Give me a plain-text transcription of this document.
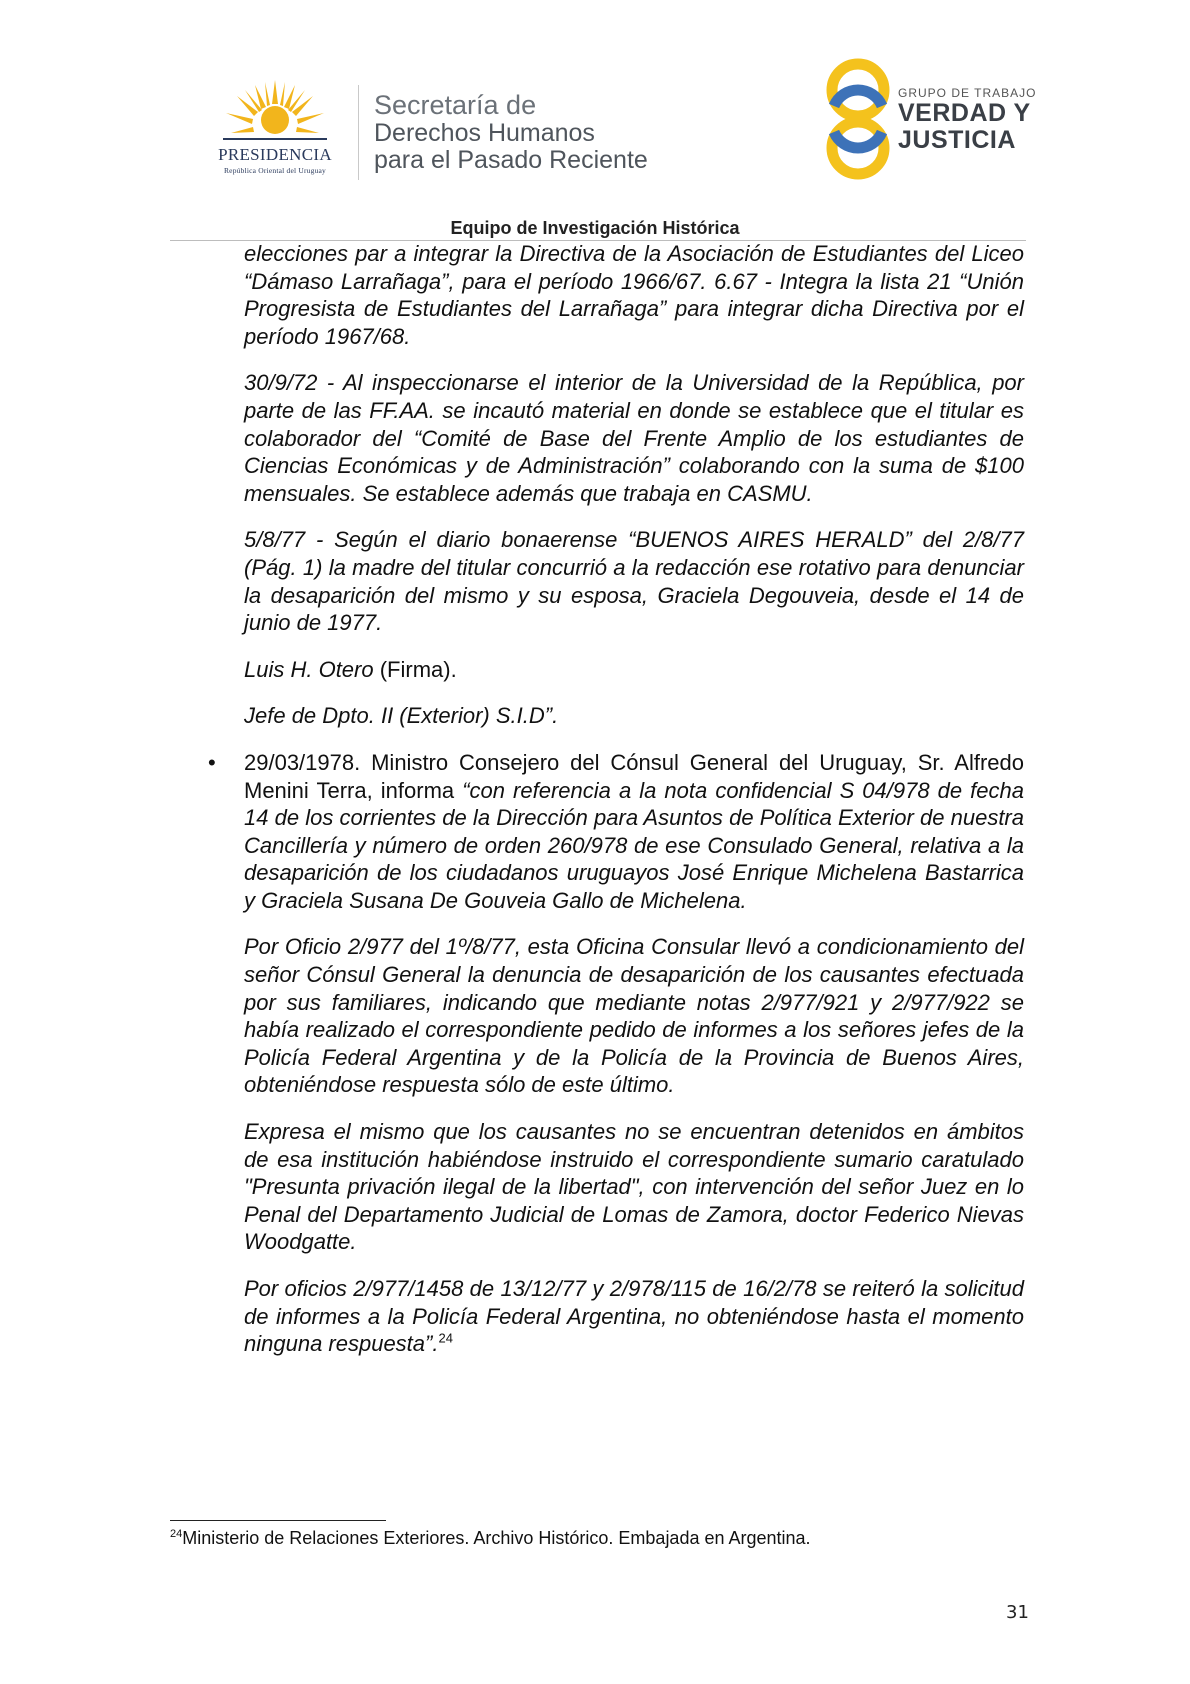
PRESIDENCIA
República Oriental del Uruguay
Secretaría de
Derechos Humanos
para el Pasado Reciente
GRUPO DE TRABAJO
VERDAD Y
JUSTICIA
Equipo de Investigación Histórica

elecciones par a integrar la Directiva de la Asociación de Estudiantes del Liceo “Dámaso Larrañaga”, para el período 1966/67. 6.67 - Integra la lista 21 “Unión Progresista de Estudiantes del Larrañaga” para integrar dicha Directiva por el período 1967/68.

30/9/72 - Al inspeccionarse el interior de la Universidad de la República, por parte de las FF.AA. se incautó material en donde se establece que el titular es colaborador del “Comité de Base del Frente Amplio de los estudiantes de Ciencias Económicas y de Administración” colaborando con la suma de $100 mensuales. Se establece además que trabaja en CASMU.

5/8/77 - Según el diario bonaerense “BUENOS AIRES HERALD” del 2/8/77 (Pág. 1) la madre del titular concurrió a la redacción ese rotativo para denunciar la desaparición del mismo y su esposa, Graciela Degouveia, desde el 14 de junio de 1977.

Luis H. Otero (Firma).

Jefe de Dpto. II (Exterior) S.I.D”.

• 29/03/1978. Ministro Consejero del Cónsul General del Uruguay, Sr. Alfredo Menini Terra, informa “con referencia a la nota confidencial S 04/978 de fecha 14 de los corrientes de la Dirección para Asuntos de Política Exterior de nuestra Cancillería y número de orden 260/978 de ese Consulado General, relativa a la desaparición de los ciudadanos uruguayos José Enrique Michelena Bastarrica y Graciela Susana De Gouveia Gallo de Michelena.

Por Oficio 2/977 del 1º/8/77, esta Oficina Consular llevó a condicionamiento del señor Cónsul General la denuncia de desaparición de los causantes efectuada por sus familiares, indicando que mediante notas 2/977/921 y 2/977/922 se había realizado el correspondiente pedido de informes a los señores jefes de la Policía Federal Argentina y de la Policía de la Provincia de Buenos Aires, obteniéndose respuesta sólo de este último.

Expresa el mismo que los causantes no se encuentran detenidos en ámbitos de esa institución habiéndose instruido el correspondiente sumario caratulado "Presunta privación ilegal de la libertad", con intervención del señor Juez en lo Penal del Departamento Judicial de Lomas de Zamora, doctor Federico Nievas Woodgatte.

Por oficios 2/977/1458 de 13/12/77 y 2/978/115 de 16/2/78 se reiteró la solicitud de informes a la Policía Federal Argentina, no obteniéndose hasta el momento ninguna respuesta”.$^{24}$

$^{24}$Ministerio de Relaciones Exteriores. Archivo Histórico. Embajada en Argentina.
31
